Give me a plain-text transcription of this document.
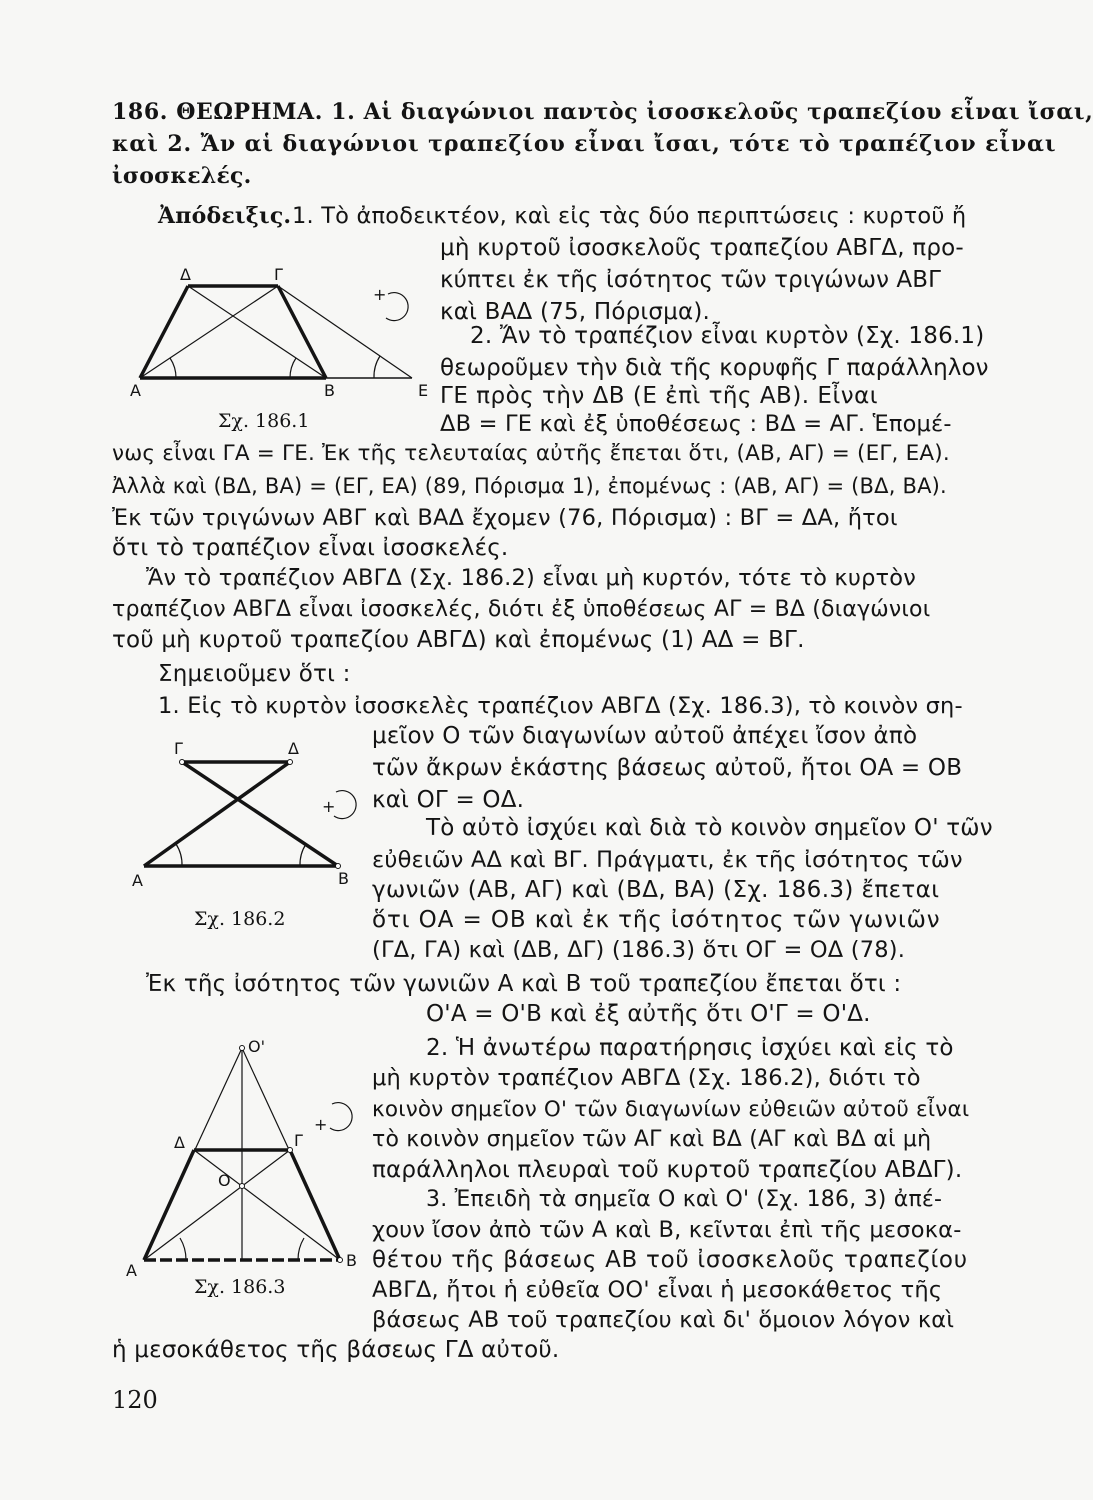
186. ΘΕΩΡΗΜΑ. 1. Αἱ διαγώνιοι παντὸς ἰσοσκελοῦς τραπεζίου εἶναι ἴσαι,
καὶ 2. Ἄν αἱ διαγώνιοι τραπεζίου εἶναι ἴσαι, τότε τὸ τραπέζιον εἶναι
ἰσοσκελές.
Ἀπόδειξις. 1. Τὸ ἀποδεικτέον, καὶ εἰς τὰς δύο περιπτώσεις : κυρτοῦ ἤ
μὴ κυρτοῦ ἰσοσκελοῦς τραπεζίου ΑΒΓΔ, προ-
κύπτει ἐκ τῆς ἰσότητος τῶν τριγώνων ΑΒΓ
καὶ ΒΑΔ (75, Πόρισμα).
2. Ἄν τὸ τραπέζιον εἶναι κυρτὸν (Σχ. 186.1)
θεωροῦμεν τὴν διὰ τῆς κορυφῆς Γ παράλληλον
ΓΕ πρὸς τὴν ΔΒ (Ε ἐπὶ τῆς ΑΒ). Εἶναι
ΔΒ = ΓΕ καὶ ἐξ ὑποθέσεως : ΒΔ = ΑΓ. Ἑπομέ-
νως εἶναι ΓΑ = ΓΕ. Ἐκ τῆς τελευταίας αὐτῆς ἔπεται ὅτι, (ΑΒ, ΑΓ) = (ΕΓ, ΕΑ).
Ἀλλὰ καὶ (ΒΔ, ΒΑ) = (ΕΓ, ΕΑ) (89, Πόρισμα 1), ἐπομένως : (ΑΒ, ΑΓ) = (ΒΔ, ΒΑ).
Ἐκ τῶν τριγώνων ΑΒΓ καὶ ΒΑΔ ἔχομεν (76, Πόρισμα) : ΒΓ = ΔΑ, ἤτοι
ὅτι τὸ τραπέζιον εἶναι ἰσοσκελές.
Ἄν τὸ τραπέζιον ΑΒΓΔ (Σχ. 186.2) εἶναι μὴ κυρτόν, τότε τὸ κυρτὸν
τραπέζιον ΑΒΓΔ εἶναι ἰσοσκελές, διότι ἐξ ὑποθέσεως ΑΓ = ΒΔ (διαγώνιοι
τοῦ μὴ κυρτοῦ τραπεζίου ΑΒΓΔ) καὶ ἐπομένως (1) ΑΔ = ΒΓ.
Σημειοῦμεν ὅτι :
1. Εἰς τὸ κυρτὸν ἰσοσκελὲς τραπέζιον ΑΒΓΔ (Σχ. 186.3), τὸ κοινὸν ση-
μεῖον Ο τῶν διαγωνίων αὐτοῦ ἀπέχει ἴσον ἀπὸ
τῶν ἄκρων ἑκάστης βάσεως αὐτοῦ, ἤτοι ΟΑ = ΟΒ
καὶ ΟΓ = ΟΔ.
Τὸ αὐτὸ ἰσχύει καὶ διὰ τὸ κοινὸν σημεῖον Ο' τῶν
εὐθειῶν ΑΔ καὶ ΒΓ. Πράγματι, ἐκ τῆς ἰσότητος τῶν
γωνιῶν (ΑΒ, ΑΓ) καὶ (ΒΔ, ΒΑ) (Σχ. 186.3) ἔπεται
ὅτι ΟΑ = ΟΒ καὶ ἐκ τῆς ἰσότητος τῶν γωνιῶν
(ΓΔ, ΓΑ) καὶ (ΔΒ, ΔΓ) (186.3) ὅτι ΟΓ = ΟΔ (78).
Ἐκ τῆς ἰσότητος τῶν γωνιῶν Α καὶ Β τοῦ τραπεζίου ἔπεται ὅτι :
Ο'Α = Ο'Β καὶ ἐξ αὐτῆς ὅτι Ο'Γ = Ο'Δ.
2. Ἡ ἀνωτέρω παρατήρησις ἰσχύει καὶ εἰς τὸ
μὴ κυρτὸν τραπέζιον ΑΒΓΔ (Σχ. 186.2), διότι τὸ
κοινὸν σημεῖον Ο' τῶν διαγωνίων εὐθειῶν αὐτοῦ εἶναι
τὸ κοινὸν σημεῖον τῶν ΑΓ καὶ ΒΔ (ΑΓ καὶ ΒΔ αἱ μὴ
παράλληλοι πλευραὶ τοῦ κυρτοῦ τραπεζίου ΑΒΔΓ).
3. Ἐπειδὴ τὰ σημεῖα Ο καὶ Ο' (Σχ. 186, 3) ἀπέ-
χουν ἴσον ἀπὸ τῶν Α καὶ Β, κεῖνται ἐπὶ τῆς μεσοκα-
θέτου τῆς βάσεως ΑΒ τοῦ ἰσοσκελοῦς τραπεζίου
ΑΒΓΔ, ἤτοι ἡ εὐθεῖα ΟΟ' εἶναι ἡ μεσοκάθετος τῆς
βάσεως ΑΒ τοῦ τραπεζίου καὶ δι' ὅμοιον λόγον καὶ
ἡ μεσοκάθετος τῆς βάσεως ΓΔ αὐτοῦ.
120
Δ	Γ
Α	Β	Ε
+
Σχ. 186.1
Γ	Δ
Α	Β
+
Σχ. 186.2
Ο'
Δ	Γ
Ο
Α
Β
+
Σχ. 186.3
